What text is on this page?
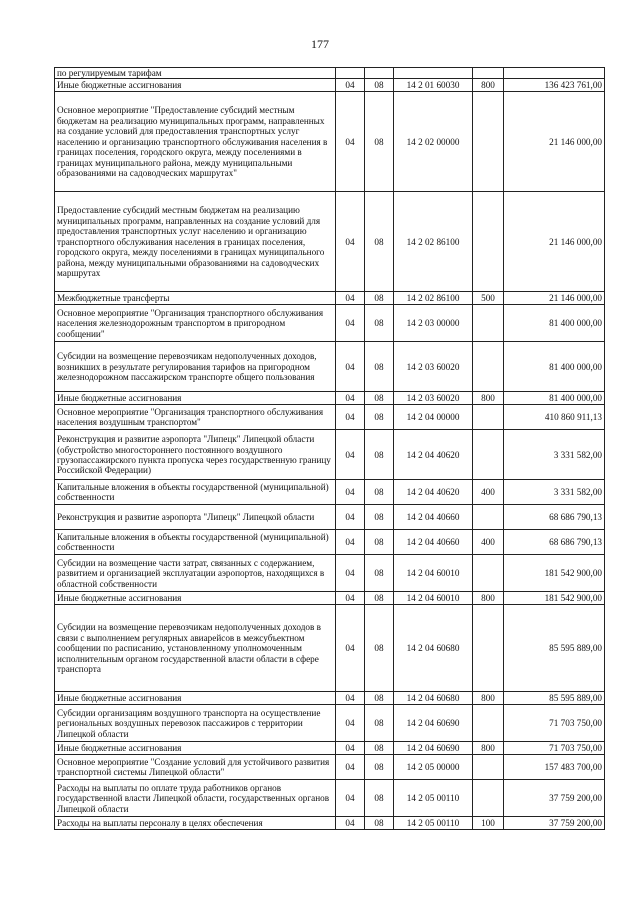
177
по регулируемым тарифам					
Иные бюджетные ассигнования	04	08	14 2 01 60030	800	136 423 761,00
Основное мероприятие "Предоставление субсидий местным бюджетам на реализацию муниципальных программ, направленных на создание условий для предоставления транспортных услуг населению и организацию транспортного обслуживания населения в границах поселения, городского округа, между поселениями в границах муниципального района, между муниципальными образованиями на садоводческих маршрутах"	04	08	14 2 02 00000		21 146 000,00
Предоставление субсидий местным бюджетам на реализацию муниципальных программ, направленных на создание условий для предоставления транспортных услуг населению и организацию транспортного обслуживания населения в границах поселения, городского округа, между поселениями в границах муниципального района, между муниципальными образованиями на садоводческих маршрутах	04	08	14 2 02 86100		21 146 000,00
Межбюджетные трансферты	04	08	14 2 02 86100	500	21 146 000,00
Основное мероприятие "Организация транспортного обслуживания населения железнодорожным транспортом в пригородном сообщении"	04	08	14 2 03 00000		81 400 000,00
Субсидии на возмещение перевозчикам недополученных доходов, возникших в результате регулирования тарифов на пригородном железнодорожном пассажирском транспорте общего пользования	04	08	14 2 03 60020		81 400 000,00
Иные бюджетные ассигнования	04	08	14 2 03 60020	800	81 400 000,00
Основное мероприятие "Организация транспортного обслуживания населения воздушным транспортом"	04	08	14 2 04 00000		410 860 911,13
Реконструкция и развитие аэропорта "Липецк" Липецкой области (обустройство многостороннего постоянного воздушного грузопассажирского пункта пропуска через государственную границу Российской Федерации)	04	08	14 2 04 40620		3 331 582,00
Капитальные вложения в объекты государственной (муниципальной) собственности	04	08	14 2 04 40620	400	3 331 582,00
Реконструкция и развитие аэропорта "Липецк" Липецкой области	04	08	14 2 04 40660		68 686 790,13
Капитальные вложения в объекты государственной (муниципальной) собственности	04	08	14 2 04 40660	400	68 686 790,13
Субсидии на возмещение части затрат, связанных с содержанием, развитием и организацией эксплуатации аэропортов, находящихся в областной собственности	04	08	14 2 04 60010		181 542 900,00
Иные бюджетные ассигнования	04	08	14 2 04 60010	800	181 542 900,00
Субсидии на возмещение перевозчикам недополученных доходов в связи с выполнением регулярных авиарейсов в межсубъектном сообщении по расписанию, установленному уполномоченным исполнительным органом государственной власти области в сфере транспорта	04	08	14 2 04 60680		85 595 889,00
Иные бюджетные ассигнования	04	08	14 2 04 60680	800	85 595 889,00
Субсидии организациям воздушного транспорта на осуществление региональных воздушных перевозок пассажиров с территории Липецкой области	04	08	14 2 04 60690		71 703 750,00
Иные бюджетные ассигнования	04	08	14 2 04 60690	800	71 703 750,00
Основное мероприятие "Создание условий для устойчивого развития транспортной системы Липецкой области"	04	08	14 2 05 00000		157 483 700,00
Расходы на выплаты по оплате труда работников органов государственной власти Липецкой области, государственных органов Липецкой области	04	08	14 2 05 00110		37 759 200,00
Расходы на выплаты персоналу в целях обеспечения	04	08	14 2 05 00110	100	37 759 200,00
